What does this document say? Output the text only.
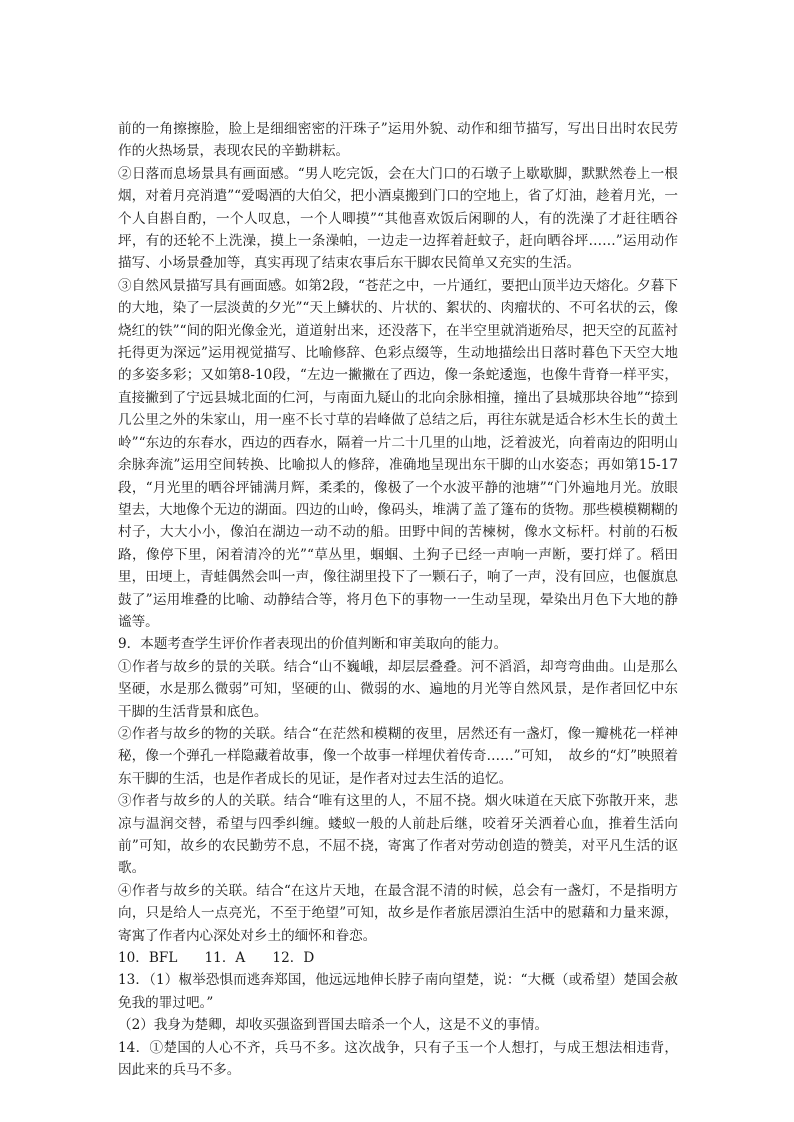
前的一角擦擦脸，脸上是细细密密的汗珠子”运用外貌、动作和细节描写，写出日出时农民劳作的火热场景，表现农民的辛勤耕耘。

②日落而息场景具有画面感。“男人吃完饭，会在大门口的石墩子上歇歇脚，默默然卷上一根烟，对着月亮消遣”“爱喝酒的大伯父，把小酒桌搬到门口的空地上，省了灯油，趁着月光，一个人自斟自酌，一个人叹息，一个人唧摸”“其他喜欢饭后闲聊的人，有的洗澡了才赶往晒谷坪，有的还轮不上洗澡，摸上一条澡帕，一边走一边挥着赶蚊子，赶向晒谷坪……”运用动作描写、小场景叠加等，真实再现了结束农事后东干脚农民简单又充实的生活。

③自然风景描写具有画面感。如第2段，“苍茫之中，一片通红，要把山顶半边天熔化。夕暮下的大地，染了一层淡黄的夕光”“天上鳞状的、片状的、絮状的、肉瘤状的、不可名状的云，像烧红的铁”“间的阳光像金光，道道射出来，还没落下，在半空里就消逝殆尽，把天空的瓦蓝衬托得更为深远”运用视觉描写、比喻修辞、色彩点缀等，生动地描绘出日落时暮色下天空大地的多姿多彩；又如第8-10段，“左边一撇撇在了西边，像一条蛇逶迤，也像牛背脊一样平实，直接撇到了宁远县城北面的仁河，与南面九疑山的北向余脉相撞，撞出了县城那块谷地”“捺到几公里之外的朱家山，用一座不长寸草的岩峰做了总结之后，再往东就是适合杉木生长的黄土岭”“东边的东春水，西边的西春水，隔着一片二十几里的山地，泛着波光，向着南边的阳明山余脉奔流”运用空间转换、比喻拟人的修辞，准确地呈现出东干脚的山水姿态；再如第15-17段，“月光里的晒谷坪铺满月辉，柔柔的，像极了一个水波平静的池塘”“门外遍地月光。放眼望去，大地像个无边的湖面。四边的山岭，像码头，堆满了盖了篷布的货物。那些模模糊糊的村子，大大小小，像泊在湖边一动不动的船。田野中间的苦楝树，像水文标杆。村前的石板路，像停下里，闲着清冷的光”“草丛里，蝈蝈、土狗子已经一声响一声断，要打烊了。稻田里，田埂上，青蛙偶然会叫一声，像往湖里投下了一颗石子，响了一声，没有回应，也偃旗息鼓了”运用堆叠的比喻、动静结合等，将月色下的事物一一生动呈现，晕染出月色下大地的静谧等。

9．本题考查学生评价作者表现出的价值判断和审美取向的能力。

①作者与故乡的景的关联。结合“山不巍峨，却层层叠叠。河不滔滔，却弯弯曲曲。山是那么坚硬，水是那么微弱”可知，坚硬的山、微弱的水、遍地的月光等自然风景，是作者回忆中东干脚的生活背景和底色。

②作者与故乡的物的关联。结合“在茫然和模糊的夜里，居然还有一盏灯，像一瓣桃花一样神秘，像一个弹孔一样隐藏着故事，像一个故事一样埋伏着传奇……”可知，　故乡的“灯”映照着东干脚的生活，也是作者成长的见证，是作者对过去生活的追忆。

③作者与故乡的人的关联。结合“唯有这里的人，不屈不挠。烟火味道在天底下弥散开来，悲凉与温润交替，希望与四季纠缠。蝼蚁一般的人前赴后继，咬着牙关洒着心血，推着生活向前”可知，故乡的农民勤劳不息，不屈不挠，寄寓了作者对劳动创造的赞美，对平凡生活的讴歌。

④作者与故乡的关联。结合“在这片天地，在最含混不清的时候，总会有一盏灯，不是指明方向，只是给人一点亮光，不至于绝望”可知，故乡是作者旅居漂泊生活中的慰藉和力量来源，寄寓了作者内心深处对乡土的缅怀和眷恋。

10．BFL　　11．A　　12．D

13．（1）椒举恐惧而逃奔郑国，他远远地伸长脖子南向望楚，说：“大概（或希望）楚国会赦免我的罪过吧。”

（2）我身为楚卿，却收买强盗到晋国去暗杀一个人，这是不义的事情。

14．①楚国的人心不齐，兵马不多。这次战争，只有子玉一个人想打，与成王想法相违背，因此来的兵马不多。
